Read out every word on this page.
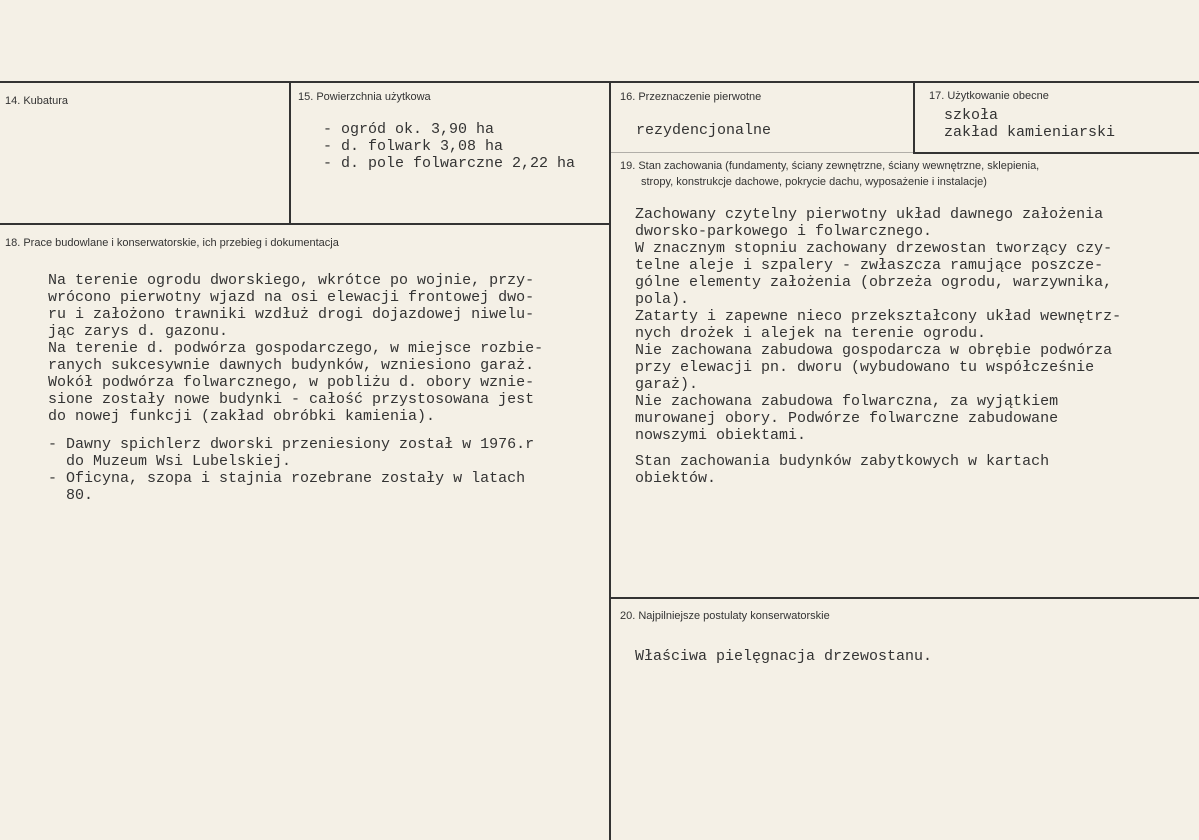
14. Kubatura	15. Powierzchnia użytkowa
- ogród ok. 3,90 ha
- d. folwark 3,08 ha
- d. pole folwarczne 2,22 ha
16. Przeznaczenie pierwotne
rezydencjonalne
17. Użytkowanie obecne
szkoła
zakład kamieniarski
18. Prace budowlane i konserwatorskie, ich przebieg i dokumentacja
Na terenie ogrodu dworskiego, wkrótce po wojnie, przy-
wrócono pierwotny wjazd na osi elewacji frontowej dwo-
ru i założono trawniki wzdłuż drogi dojazdowej niwelu-
jąc zarys d. gazonu.
Na terenie d. podwórza gospodarczego, w miejsce rozbie-
ranych sukcesywnie dawnych budynków, wzniesiono garaż.
Wokół podwórza folwarcznego, w pobliżu d. obory wznie-
sione zostały nowe budynki - całość przystosowana jest
do nowej funkcji (zakład obróbki kamienia).
- Dawny spichlerz dworski przeniesiony został w 1976.r
do Muzeum Wsi Lubelskiej.
- Oficyna, szopa i stajnia rozebrane zostały w latach
80.
19. Stan zachowania (fundamenty, ściany zewnętrzne, ściany wewnętrzne, sklepienia,
stropy, konstrukcje dachowe, pokrycie dachu, wyposażenie i instalacje)
Zachowany czytelny pierwotny układ dawnego założenia
dworsko-parkowego i folwarcznego.
W znacznym stopniu zachowany drzewostan tworzący czy-
telne aleje i szpalery - zwłaszcza ramujące poszcze-
gólne elementy założenia (obrzeża ogrodu, warzywnika,
pola).
Zatarty i zapewne nieco przekształcony układ wewnętrz-
nych drożek i alejek na terenie ogrodu.
Nie zachowana zabudowa gospodarcza w obrębie podwórza
przy elewacji pn. dworu (wybudowano tu współcześnie
garaż).
Nie zachowana zabudowa folwarczna, za wyjątkiem
murowanej obory. Podwórze folwarczne zabudowane
nowszymi obiektami.
Stan zachowania budynków zabytkowych w kartach
obiektów.
20. Najpilniejsze postulaty konserwatorskie
Właściwa pielęgnacja drzewostanu.
